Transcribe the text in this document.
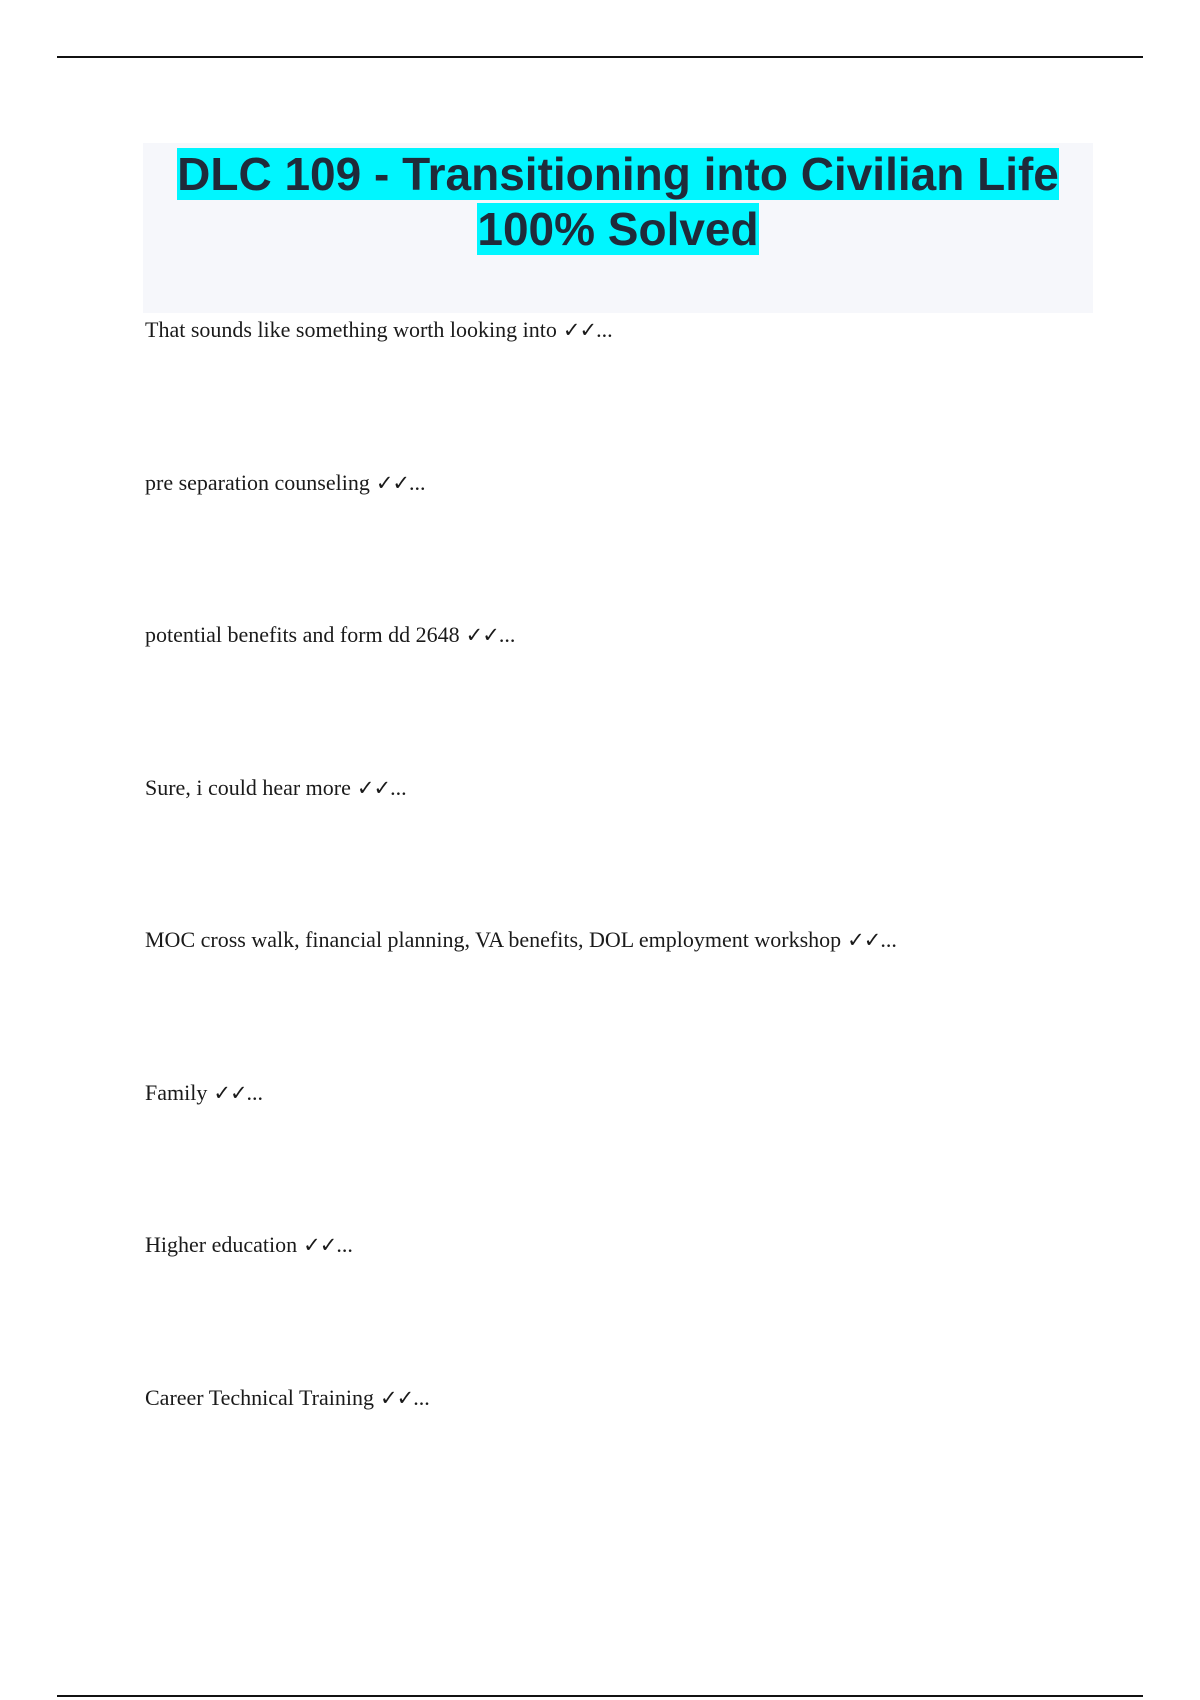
DLC 109 - Transitioning into Civilian Life
100% Solved
That sounds like something worth looking into ✓✓...
pre separation counseling ✓✓...
potential benefits and form dd 2648 ✓✓...
Sure, i could hear more ✓✓...
MOC cross walk, financial planning, VA benefits, DOL employment workshop ✓✓...
Family ✓✓...
Higher education ✓✓...
Career Technical Training ✓✓...
